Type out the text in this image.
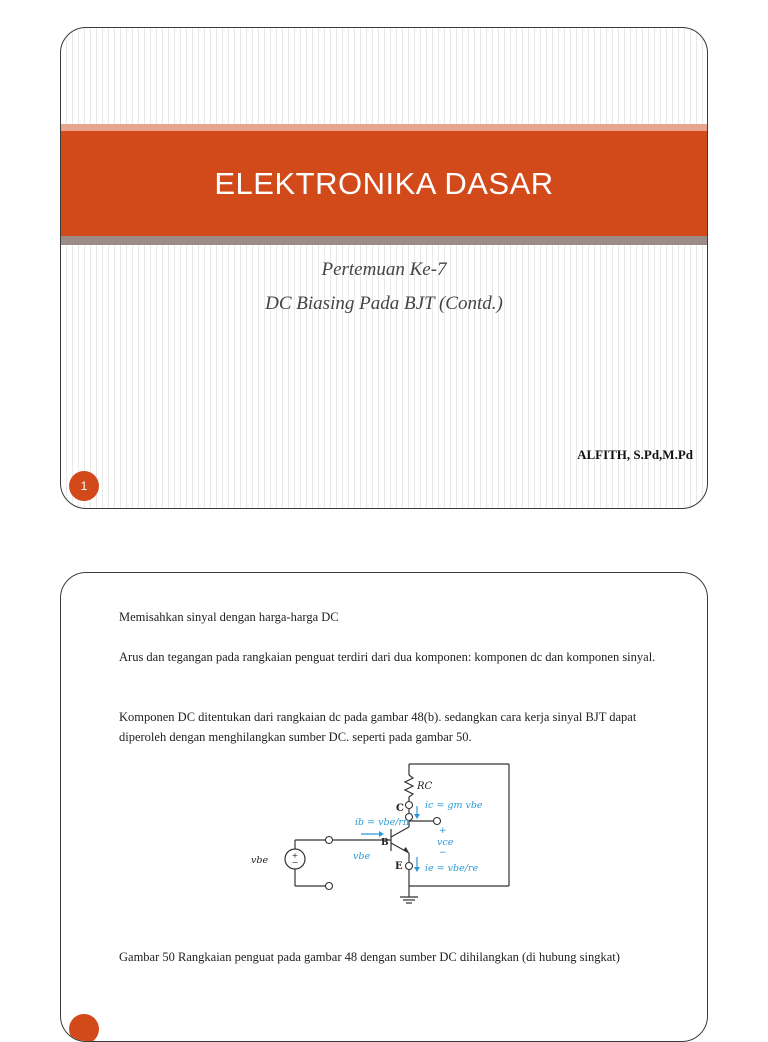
ELEKTRONIKA DASAR
Pertemuan Ke-7
DC Biasing Pada BJT (Contd.)
ALFITH, S.Pd,M.Pd
1

Memisahkan sinyal dengan harga-harga DC

Arus dan tegangan pada rangkaian penguat terdiri dari dua komponen: komponen dc dan komponen sinyal.

Komponen DC ditentukan dari rangkaian dc pada gambar 48(b). sedangkan cara kerja sinyal BJT dapat diperoleh dengan menghilangkan sumber DC. seperti pada gambar 50.

+
−
RC
C ic = gm vbe
ib = vbe/rπ
B
+
vce
−
vbe
E ie = vbe/re
vbe

Gambar 50 Rangkaian penguat pada gambar 48 dengan sumber DC dihilangkan (di hubung singkat)
